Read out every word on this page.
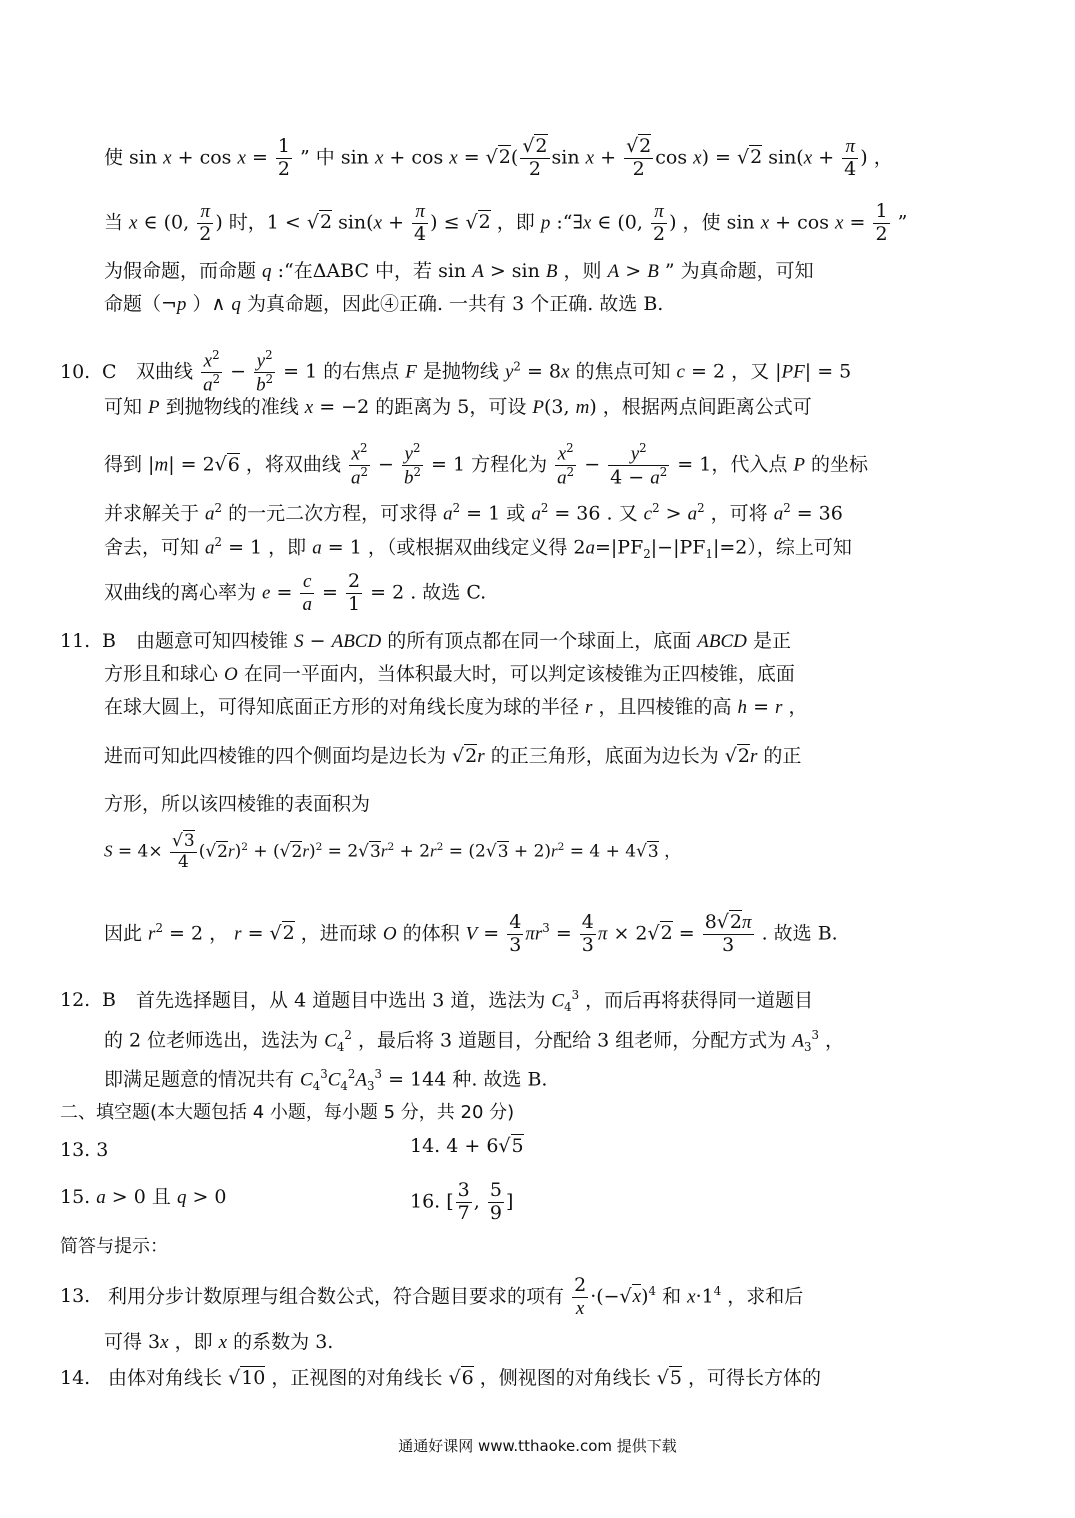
使 $\sin x + \cos x = \frac{1}{2}$ ” 中 $\sin x + \cos x = √2( \frac{√2}{2}$ $\sin x + \frac{√2}{2}$ cos x) = √2 $\sin(x + \frac{\pi}{4}$ ) ，
当 x ∈ (0, $\frac{\pi}{2}$ ) 时，1 < √2 $\sin(x + \frac{\pi}{4}$ ) ≤ √2 ，即 p :“∃x ∈ (0, $\frac{\pi}{2}$ ) ，使 $\sin x + \cos x = \frac{1}{2}$ ”
为假命题，而命题 q :“在ΔABC 中，若 sin A > sin B ，则 A > B ” 为真命题，可知
命题（¬p ）∧ q 为真命题，因此④正确. 一共有 3 个正确. 故选 B.
10. C 双曲线 $\frac{x^2}{a^2} - \frac{y^2}{b^2} = 1$ 的右焦点 F 是抛物线 $y^2 = 8x$ 的焦点可知 c = 2 ，又 |PF| = 5
可知 P 到抛物线的准线 x = −2 的距离为 5，可设 P(3, m) ，根据两点间距离公式可
得到 |m| = 2√6 ，将双曲线 $\frac{x^2}{a^2} - \frac{y^2}{b^2} = 1$ 方程化为 $\frac{x^2}{a^2} - \frac{y^2}{4 - a^2} = 1$，代入点 P 的坐标
并求解关于 $a^2$ 的一元二次方程，可求得 $a^2 = 1$ 或 $a^2 = 36$ . 又 $c^2 > a^2$ ，可将 $a^2 = 36$
舍去，可知 $a^2 = 1$ ，即 a = 1 ，（或根据双曲线定义得 $2a=|PF_2|-|PF_1|=2$），综上可知
双曲线的离心率为 $e = \frac{c}{a} = \frac{2}{1} = 2$ . 故选 C.
11. B 由题意可知四棱锥 S − ABCD 的所有顶点都在同一个球面上，底面 ABCD 是正
方形且和球心 O 在同一平面内，当体积最大时，可以判定该棱锥为正四棱锥，底面
在球大圆上，可得知底面正方形的对角线长度为球的半径 r ，且四棱锥的高 h = r ，
进而可知此四棱锥的四个侧面均是边长为 √2r 的正三角形，底面为边长为 √2r 的正
方形，所以该四棱锥的表面积为
$S = 4\times \frac{√3}{4} (√2r)^2 + (√2r)^2 = 2√3r^2 + 2r^2 = (2√3 + 2)r^2 = 4 + 4√3$ ，
因此 $r^2 = 2$ ， r = √2 ，进而球 O 的体积 $V = \frac{4}{3} \pi r^3 = \frac{4}{3}$ $\pi \times 2√2 = \frac{8√2\pi}{3}$ . 故选 B.
12. B 首先选择题目，从 4 道题目中选出 3 道，选法为 $C_4^3$ ，而后再将获得同一道题目
的 2 位老师选出，选法为 $C_4^2$ ，最后将 3 道题目，分配给 3 组老师，分配方式为 $A_3^3$ ，
即满足题意的情况共有 $C_4^3C_4^2A_3^3 = 144$ 种. 故选 B.
二、填空题(本大题包括 4 小题，每小题 5 分，共 20 分)
13. 3	14. 4 + 6√5
15. a > 0 且 q > 0	16. [ $\frac{3}{7}$ , $\frac{5}{9}$ ]
简答与提示：
13. 利用分步计数原理与组合数公式，符合题目要求的项有 $\frac{2}{x} \cdot(-√x)^4$ 和 $x\cdot 1^4$ ，求和后
可得 3x ，即 x 的系数为 3.
14. 由体对角线长 √10 ，正视图的对角线长 √6 ，侧视图的对角线长 √5 ，可得长方体的
通通好课网 www.tthaoke.com 提供下载
